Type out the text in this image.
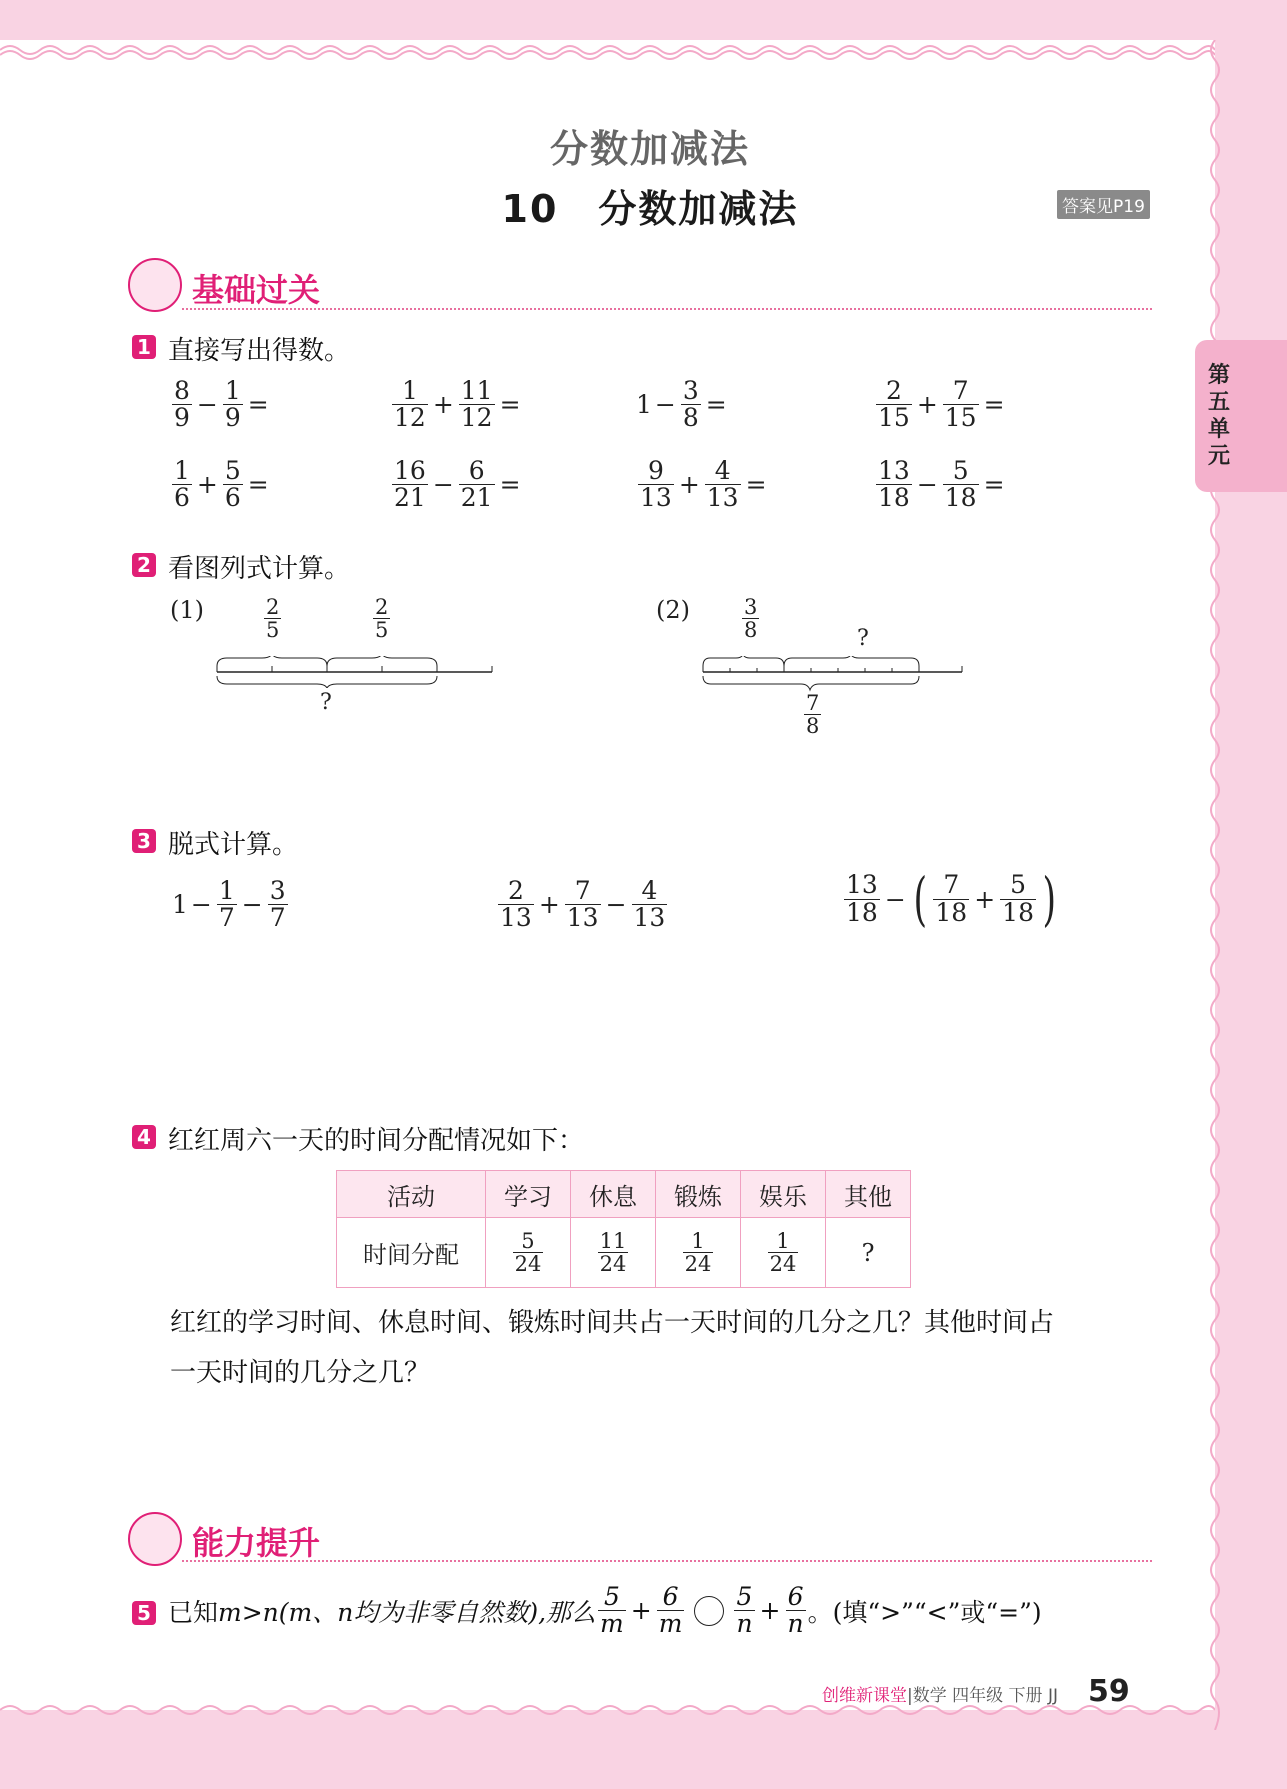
分数加减法
10　分数加减法	答案见P19
第五单元
基础过关
1 直接写出得数。
$\frac{8}{9} - \frac{1}{9}$ =	$\frac{1}{12} + \frac{11}{12}$ =	$1 - \frac{3}{8}$ =	$\frac{2}{15} + \frac{7}{15}$ =
$\frac{1}{6} + \frac{5}{6}$ =	$\frac{16}{21} - \frac{6}{21}$ =	$\frac{9}{13} + \frac{4}{13}$ =	$\frac{13}{18} - \frac{5}{18}$ =
2 看图列式计算。
(1)	$\frac{2}{5}$	$\frac{2}{5}$
?
$(2) \frac{3}{8}$	?
$\frac{7}{8}$
3 脱式计算。
$1 - \frac{1}{7} - \frac{3}{7}$	$\frac{2}{13} + \frac{7}{13} - \frac{4}{13}$	$\frac{13}{18}$ − ( $\frac{7}{18} + \frac{5}{18}$ )
4 红红周六一天的时间分配情况如下：
活动	学习	休息	锻炼	娱乐	其他
时间分配	$\frac{5}{24}$	$\frac{11}{24}$	$\frac{1}{24}$	$\frac{1}{24}$	?
红红的学习时间、休息时间、锻炼时间共占一天时间的几分之几？其他时间占
一天时间的几分之几？
能力提升
5 已知 m>n(m、n均为非零自然数),那么 $\frac{5}{m} + \frac{6}{m} \frac{5}{n} + \frac{6}{n}$ 。(填“>”“<”或“=”)
创维新课堂 |数学 四年级 下册 JJ 59
